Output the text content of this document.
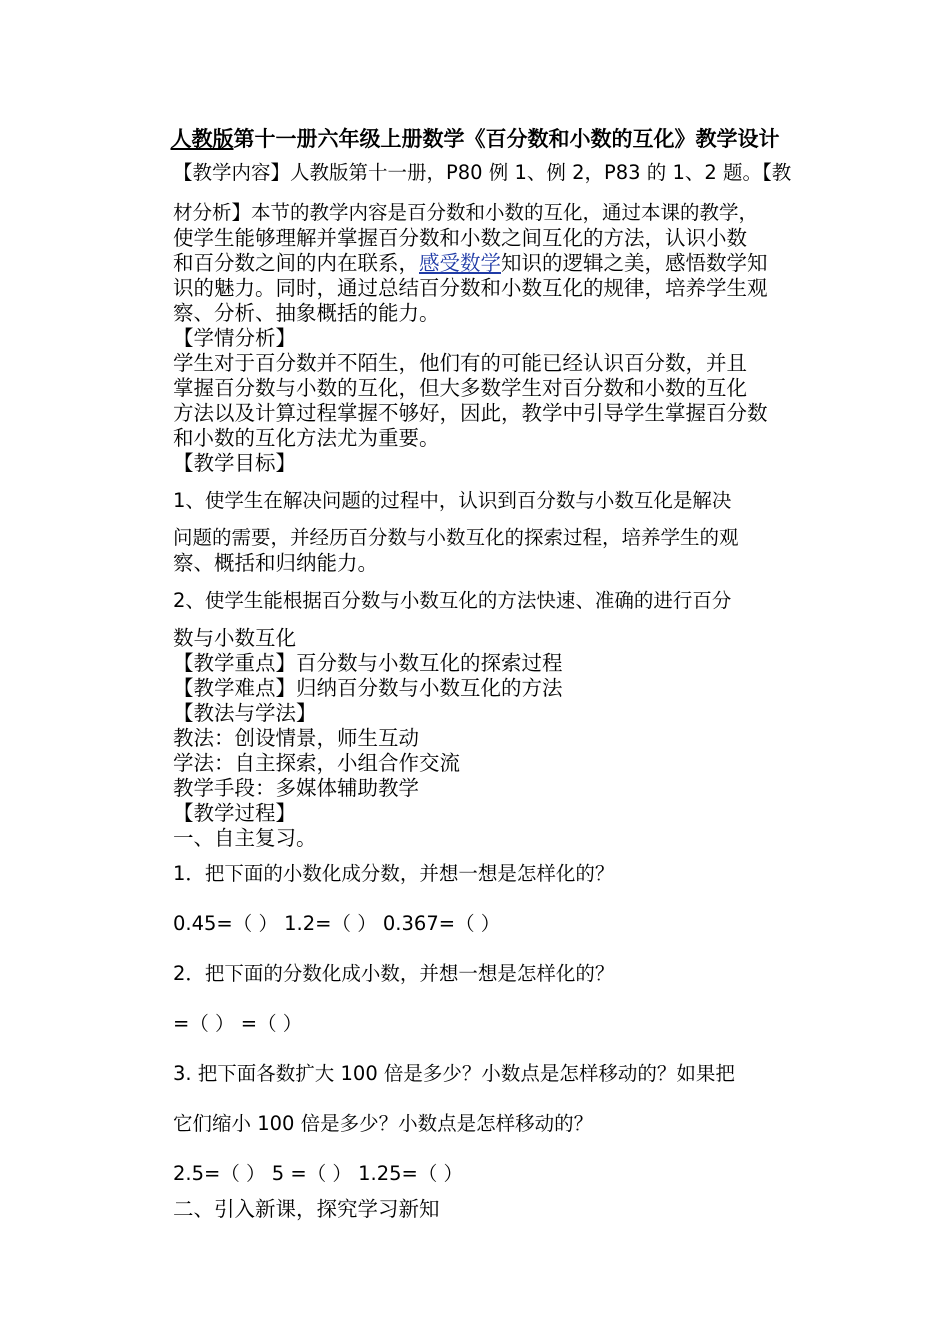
人教版第十一册六年级上册数学《百分数和小数的互化》教学设计
【教学内容】人教版第十一册，P80 例 1、例 2，P83 的 1、2 题。【教
材分析】本节的教学内容是百分数和小数的互化，通过本课的教学，
使学生能够理解并掌握百分数和小数之间互化的方法，认识小数
和百分数之间的内在联系，感受数学知识的逻辑之美，感悟数学知
识的魅力。同时，通过总结百分数和小数互化的规律，培养学生观
察、分析、抽象概括的能力。
【学情分析】
学生对于百分数并不陌生，他们有的可能已经认识百分数，并且
掌握百分数与小数的互化，但大多数学生对百分数和小数的互化
方法以及计算过程掌握不够好，因此，教学中引导学生掌握百分数
和小数的互化方法尤为重要。
【教学目标】
1、使学生在解决问题的过程中，认识到百分数与小数互化是解决
问题的需要，并经历百分数与小数互化的探索过程，培养学生的观
察、概括和归纳能力。
2、使学生能根据百分数与小数互化的方法快速、准确的进行百分
数与小数互化
【教学重点】百分数与小数互化的探索过程
【教学难点】归纳百分数与小数互化的方法
【教法与学法】
教法：创设情景，师生互动
学法：自主探索，小组合作交流
教学手段：多媒体辅助教学
【教学过程】
一、自主复习。
1．把下面的小数化成分数，并想一想是怎样化的？
0.45=（ ） 1.2=（ ） 0.367=（ ）
2．把下面的分数化成小数，并想一想是怎样化的？
=（ ） =（ ）
3. 把下面各数扩大 100 倍是多少？小数点是怎样移动的？如果把
它们缩小 100 倍是多少？小数点是怎样移动的？
2.5=（ ） 5 =（ ） 1.25=（ ）
二、引入新课，探究学习新知
